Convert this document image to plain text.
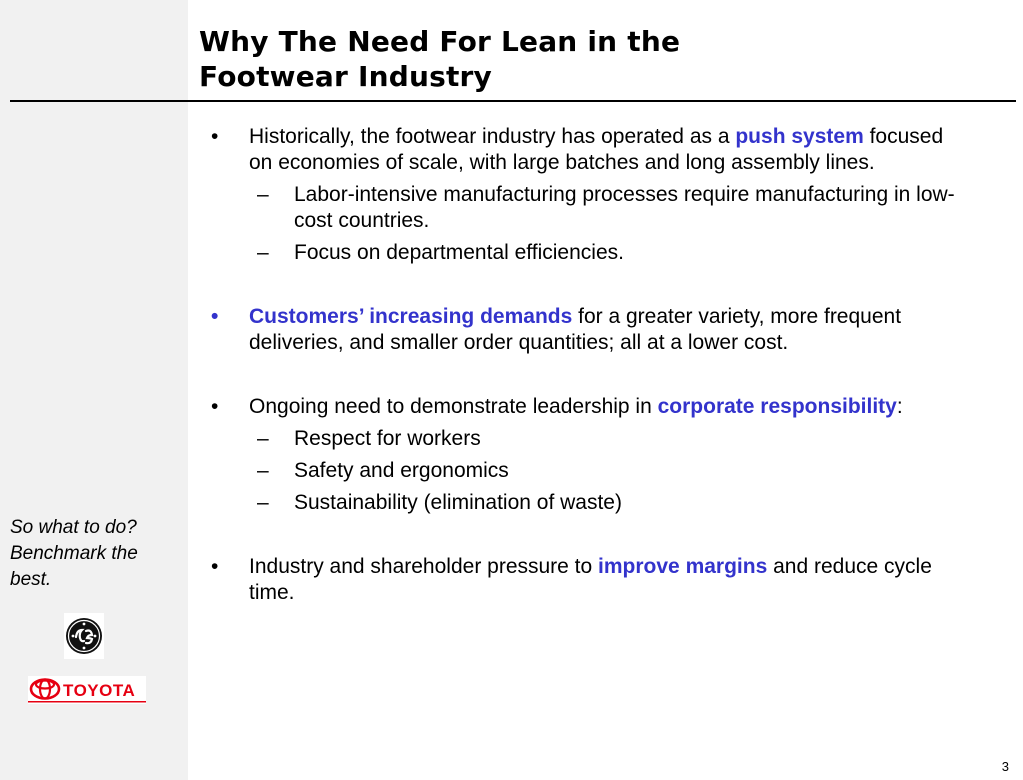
Why The Need For Lean in the
Footwear Industry
So what to do?
Benchmark the
best.
TOYOTA
•	Historically, the footwear industry has operated as a push system focused on economies of scale, with large batches and long assembly lines.
– Labor-intensive manufacturing processes require manufacturing in low-cost countries.
– Focus on departmental efficiencies.
•	Customers’ increasing demands for a greater variety, more frequent deliveries, and smaller order quantities; all at a lower cost.
•	Ongoing need to demonstrate leadership in corporate responsibility:
– Respect for workers
– Safety and ergonomics
– Sustainability (elimination of waste)
•	Industry and shareholder pressure to improve margins and reduce cycle time.
3
